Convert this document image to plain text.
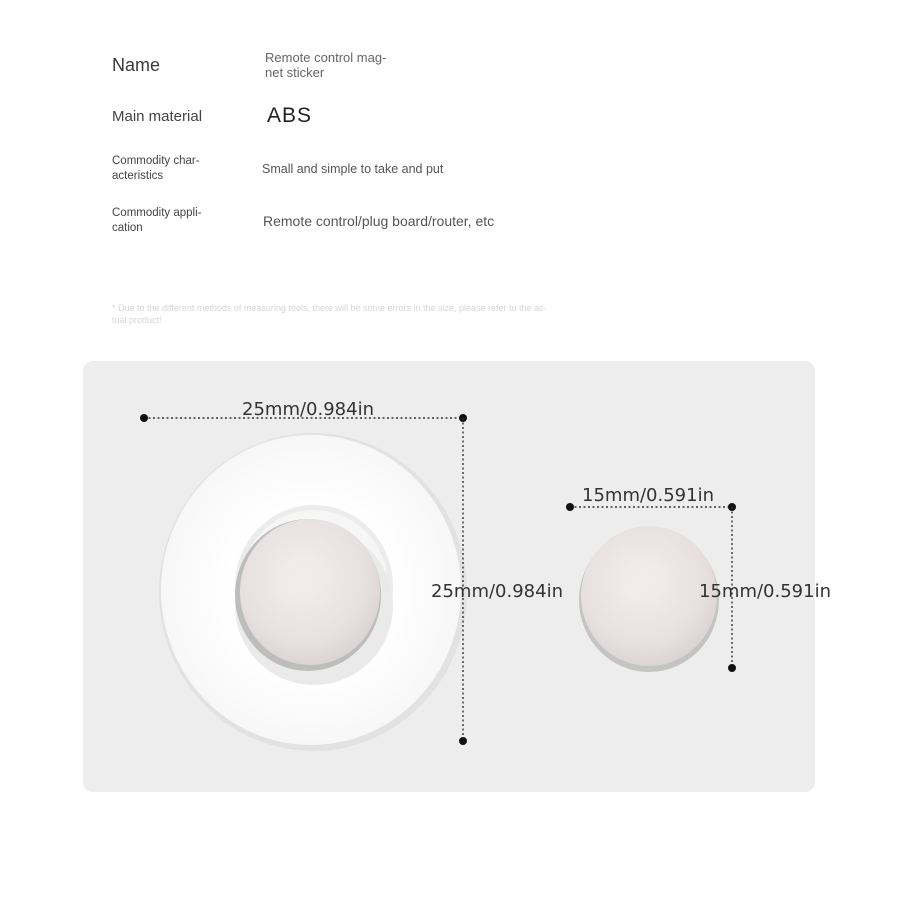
Name	Remote control mag-
net sticker
Main material	ABS
Commodity char-
acteristics	Small and simple to take and put
Commodity appli-
cation	Remote control/plug board/router, etc
* Due to the different methods of measuring tools, there will be some errors in the size, please refer to the ac-
tual product!
25mm/0.984in
25mm/0.984in
15mm/0.591in
15mm/0.591in
